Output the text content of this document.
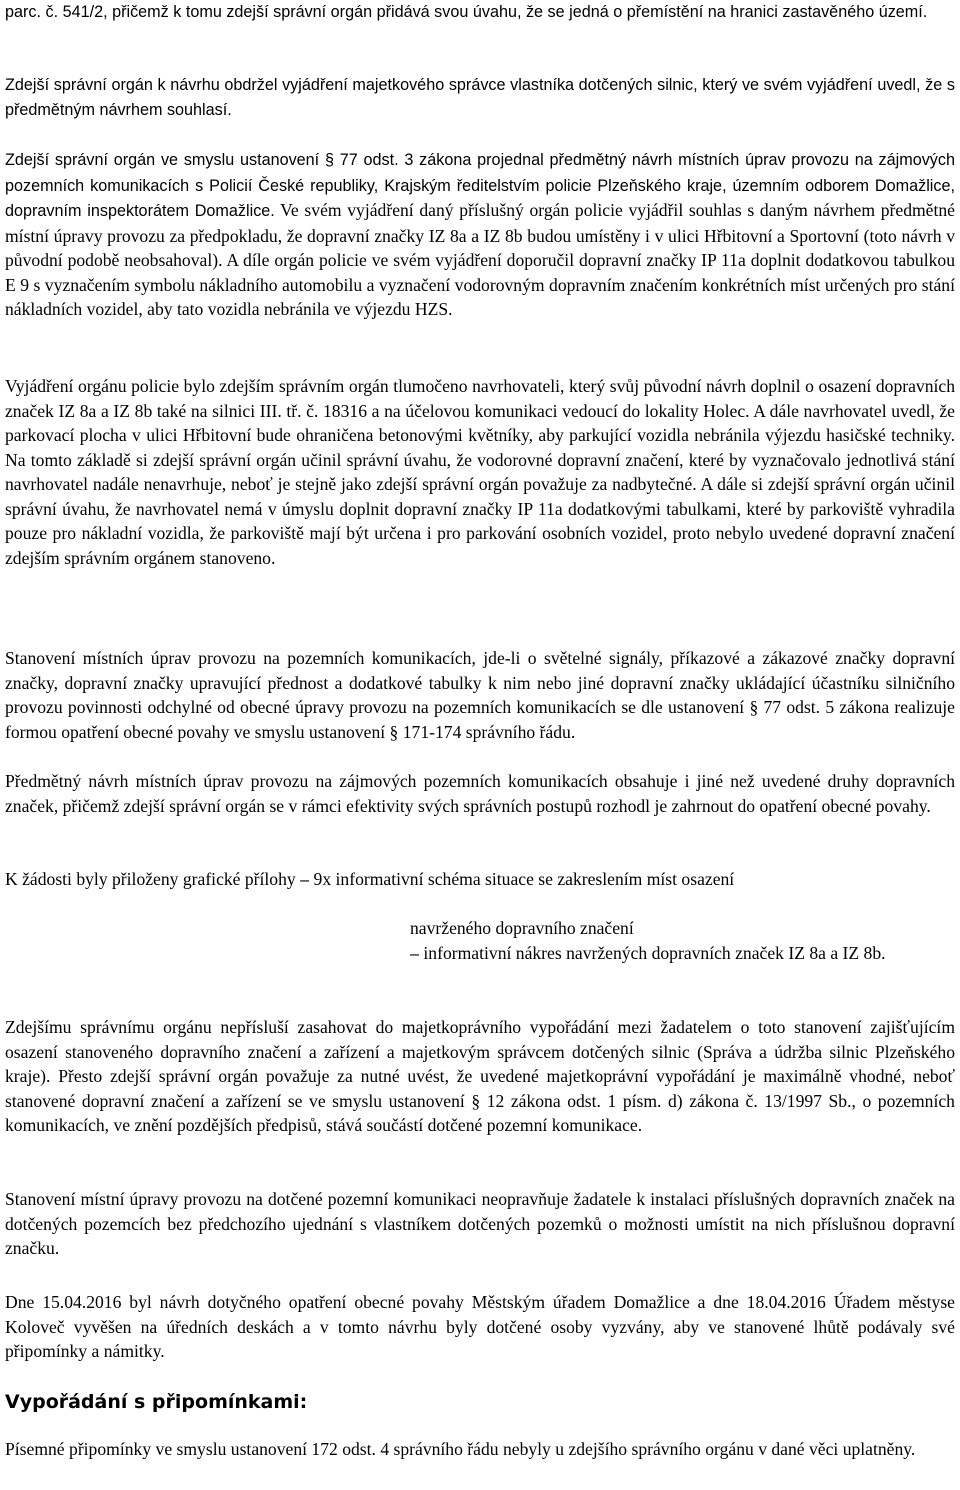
parc. č. 541/2, přičemž k tomu zdejší správní orgán přidává svou úvahu, že se jedná o přemístění na hranici zastavěného území.

Zdejší správní orgán k návrhu obdržel vyjádření majetkového správce vlastníka dotčených silnic, který ve svém vyjádření uvedl, že s předmětným návrhem souhlasí.

Zdejší správní orgán ve smyslu ustanovení § 77 odst. 3 zákona projednal předmětný návrh místních úprav provozu na zájmových pozemních komunikacích s Policií České republiky, Krajským ředitelstvím policie Plzeňského kraje, územním odborem Domažlice, dopravním inspektorátem Domažlice. Ve svém vyjádření daný příslušný orgán policie vyjádřil souhlas s daným návrhem předmětné místní úpravy provozu za předpokladu, že dopravní značky IZ 8a a IZ 8b budou umístěny i v ulici Hřbitovní a Sportovní (toto návrh v původní podobě neobsahoval). A díle orgán policie ve svém vyjádření doporučil dopravní značky IP 11a doplnit dodatkovou tabulkou E 9 s vyznačením symbolu nákladního automobilu a vyznačení vodorovným dopravním značením konkrétních míst určených pro stání nákladních vozidel, aby tato vozidla nebránila ve výjezdu HZS.

Vyjádření orgánu policie bylo zdejším správním orgán tlumočeno navrhovateli, který svůj původní návrh doplnil o osazení dopravních značek IZ 8a a IZ 8b také na silnici III. tř. č. 18316 a na účelovou komunikaci vedoucí do lokality Holec. A dále navrhovatel uvedl, že parkovací plocha v ulici Hřbitovní bude ohraničena betonovými květníky, aby parkující vozidla nebránila výjezdu hasičské techniky. Na tomto základě si zdejší správní orgán učinil správní úvahu, že vodorovné dopravní značení, které by vyznačovalo jednotlivá stání navrhovatel nadále nenavrhuje, neboť je stejně jako zdejší správní orgán považuje za nadbytečné. A dále si zdejší správní orgán učinil správní úvahu, že navrhovatel nemá v úmyslu doplnit dopravní značky IP 11a dodatkovými tabulkami, které by parkoviště vyhradila pouze pro nákladní vozidla, že parkoviště mají být určena i pro parkování osobních vozidel, proto nebylo uvedené dopravní značení zdejším správním orgánem stanoveno.

Stanovení místních úprav provozu na pozemních komunikacích, jde-li o světelné signály, příkazové a zákazové značky dopravní značky, dopravní značky upravující přednost a dodatkové tabulky k nim nebo jiné dopravní značky ukládající účastníku silničního provozu povinnosti odchylné od obecné úpravy provozu na pozemních komunikacích se dle ustanovení § 77 odst. 5 zákona realizuje formou opatření obecné povahy ve smyslu ustanovení § 171-174 správního řádu.

Předmětný návrh místních úprav provozu na zájmových pozemních komunikacích obsahuje i jiné než uvedené druhy dopravních značek, přičemž zdejší správní orgán se v rámci efektivity svých správních postupů rozhodl je zahrnout do opatření obecné povahy.

K žádosti byly přiloženy grafické přílohy – 9x informativní schéma situace se zakreslením míst osazení

navrženého dopravního značení

– informativní nákres navržených dopravních značek IZ 8a a IZ 8b.

Zdejšímu správnímu orgánu nepřísluší zasahovat do majetkoprávního vypořádání mezi žadatelem o toto stanovení zajišťujícím osazení stanoveného dopravního značení a zařízení a majetkovým správcem dotčených silnic (Správa a údržba silnic Plzeňského kraje). Přesto zdejší správní orgán považuje za nutné uvést, že uvedené majetkoprávní vypořádání je maximálně vhodné, neboť stanovené dopravní značení a zařízení se ve smyslu ustanovení § 12 zákona odst. 1 písm. d) zákona č. 13/1997 Sb., o pozemních komunikacích, ve znění pozdějších předpisů, stává součástí dotčené pozemní komunikace.

Stanovení místní úpravy provozu na dotčené pozemní komunikaci neopravňuje žadatele k instalaci příslušných dopravních značek na dotčených pozemcích bez předchozího ujednání s vlastníkem dotčených pozemků o možnosti umístit na nich příslušnou dopravní značku.

Dne 15.04.2016 byl návrh dotyčného opatření obecné povahy Městským úřadem Domažlice a dne 18.04.2016 Úřadem městyse Koloveč vyvěšen na úředních deskách a v tomto návrhu byly dotčené osoby vyzvány, aby ve stanovené lhůtě podávaly své připomínky a námitky.

Vypořádání s připomínkami:

Písemné připomínky ve smyslu ustanovení 172 odst. 4 správního řádu nebyly u zdejšího správního orgánu v dané věci uplatněny.
